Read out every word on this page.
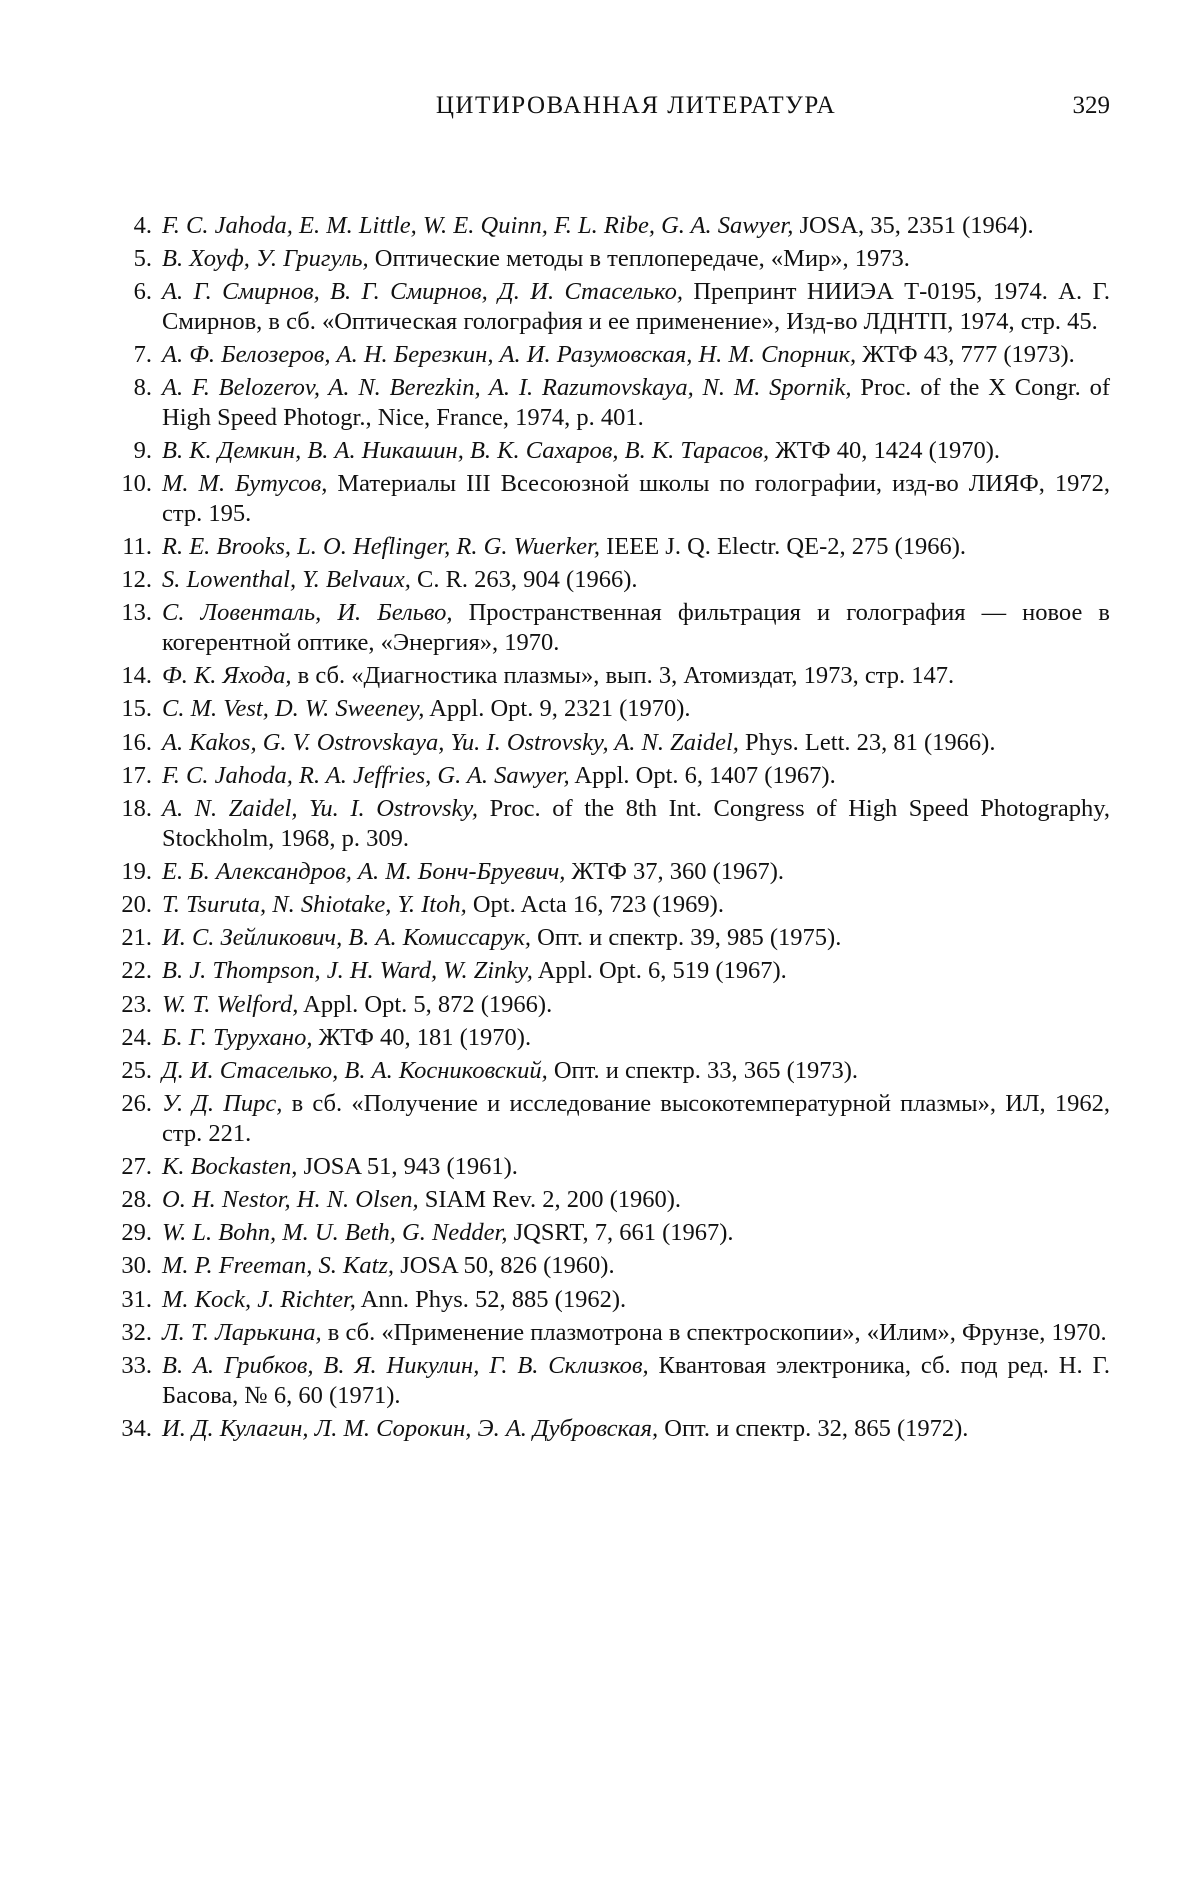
ЦИТИРОВАННАЯ ЛИТЕРАТУРА	329
4. F. C. Jahoda, E. M. Little, W. E. Quinn, F. L. Ribe, G. A. Sawyer, JOSA, 35, 2351 (1964).
5. В. Хоуф, У. Григуль, Оптические методы в теплопередаче, «Мир», 1973.
6. А. Г. Смирнов, В. Г. Смирнов, Д. И. Стаселько, Препринт НИИЭА Т-0195, 1974. А. Г. Смирнов, в сб. «Оптическая голография и ее применение», Изд-во ЛДНТП, 1974, стр. 45.
7. А. Ф. Белозеров, А. Н. Березкин, А. И. Разумовская, Н. М. Спорник, ЖТФ 43, 777 (1973).
8. A. F. Belozerov, A. N. Berezkin, A. I. Razumovskaya, N. M. Spornik, Proc. of the X Congr. of High Speed Photogr., Nice, France, 1974, p. 401.
9. В. К. Демкин, В. А. Никашин, В. К. Сахаров, В. К. Тарасов, ЖТФ 40, 1424 (1970).
10. М. М. Бутусов, Материалы III Всесоюзной школы по голографии, изд-во ЛИЯФ, 1972, стр. 195.
11. R. E. Brooks, L. O. Heflinger, R. G. Wuerker, IEEE J. Q. Electr. QE-2, 275 (1966).
12. S. Lowenthal, Y. Belvaux, C. R. 263, 904 (1966).
13. С. Ловенталь, И. Бельво, Пространственная фильтрация и голография — новое в когерентной оптике, «Энергия», 1970.
14. Ф. К. Яхода, в сб. «Диагностика плазмы», вып. 3, Атомиздат, 1973, стр. 147.
15. C. M. Vest, D. W. Sweeney, Appl. Opt. 9, 2321 (1970).
16. A. Kakos, G. V. Ostrovskaya, Yu. I. Ostrovsky, A. N. Zaidel, Phys. Lett. 23, 81 (1966).
17. F. C. Jahoda, R. A. Jeffries, G. A. Sawyer, Appl. Opt. 6, 1407 (1967).
18. A. N. Zaidel, Yu. I. Ostrovsky, Proc. of the 8th Int. Congress of High Speed Photography, Stockholm, 1968, p. 309.
19. Е. Б. Александров, А. М. Бонч-Бруевич, ЖТФ 37, 360 (1967).
20. T. Tsuruta, N. Shiotake, Y. Itoh, Opt. Acta 16, 723 (1969).
21. И. С. Зейликович, В. А. Комиссарук, Опт. и спектр. 39, 985 (1975).
22. B. J. Thompson, J. H. Ward, W. Zinky, Appl. Opt. 6, 519 (1967).
23. W. T. Welford, Appl. Opt. 5, 872 (1966).
24. Б. Г. Турухано, ЖТФ 40, 181 (1970).
25. Д. И. Стаселько, В. А. Косниковский, Опт. и спектр. 33, 365 (1973).
26. У. Д. Пирс, в сб. «Получение и исследование высокотемпературной плазмы», ИЛ, 1962, стр. 221.
27. K. Bockasten, JOSA 51, 943 (1961).
28. O. H. Nestor, H. N. Olsen, SIAM Rev. 2, 200 (1960).
29. W. L. Bohn, M. U. Beth, G. Nedder, JQSRT, 7, 661 (1967).
30. M. P. Freeman, S. Katz, JOSA 50, 826 (1960).
31. M. Kock, J. Richter, Ann. Phys. 52, 885 (1962).
32. Л. Т. Ларькина, в сб. «Применение плазмотрона в спектроскопии», «Илим», Фрунзе, 1970.
33. В. А. Грибков, В. Я. Никулин, Г. В. Склизков, Квантовая электроника, сб. под ред. Н. Г. Басова, № 6, 60 (1971).
34. И. Д. Кулагин, Л. М. Сорокин, Э. А. Дубровская, Опт. и спектр. 32, 865 (1972).
